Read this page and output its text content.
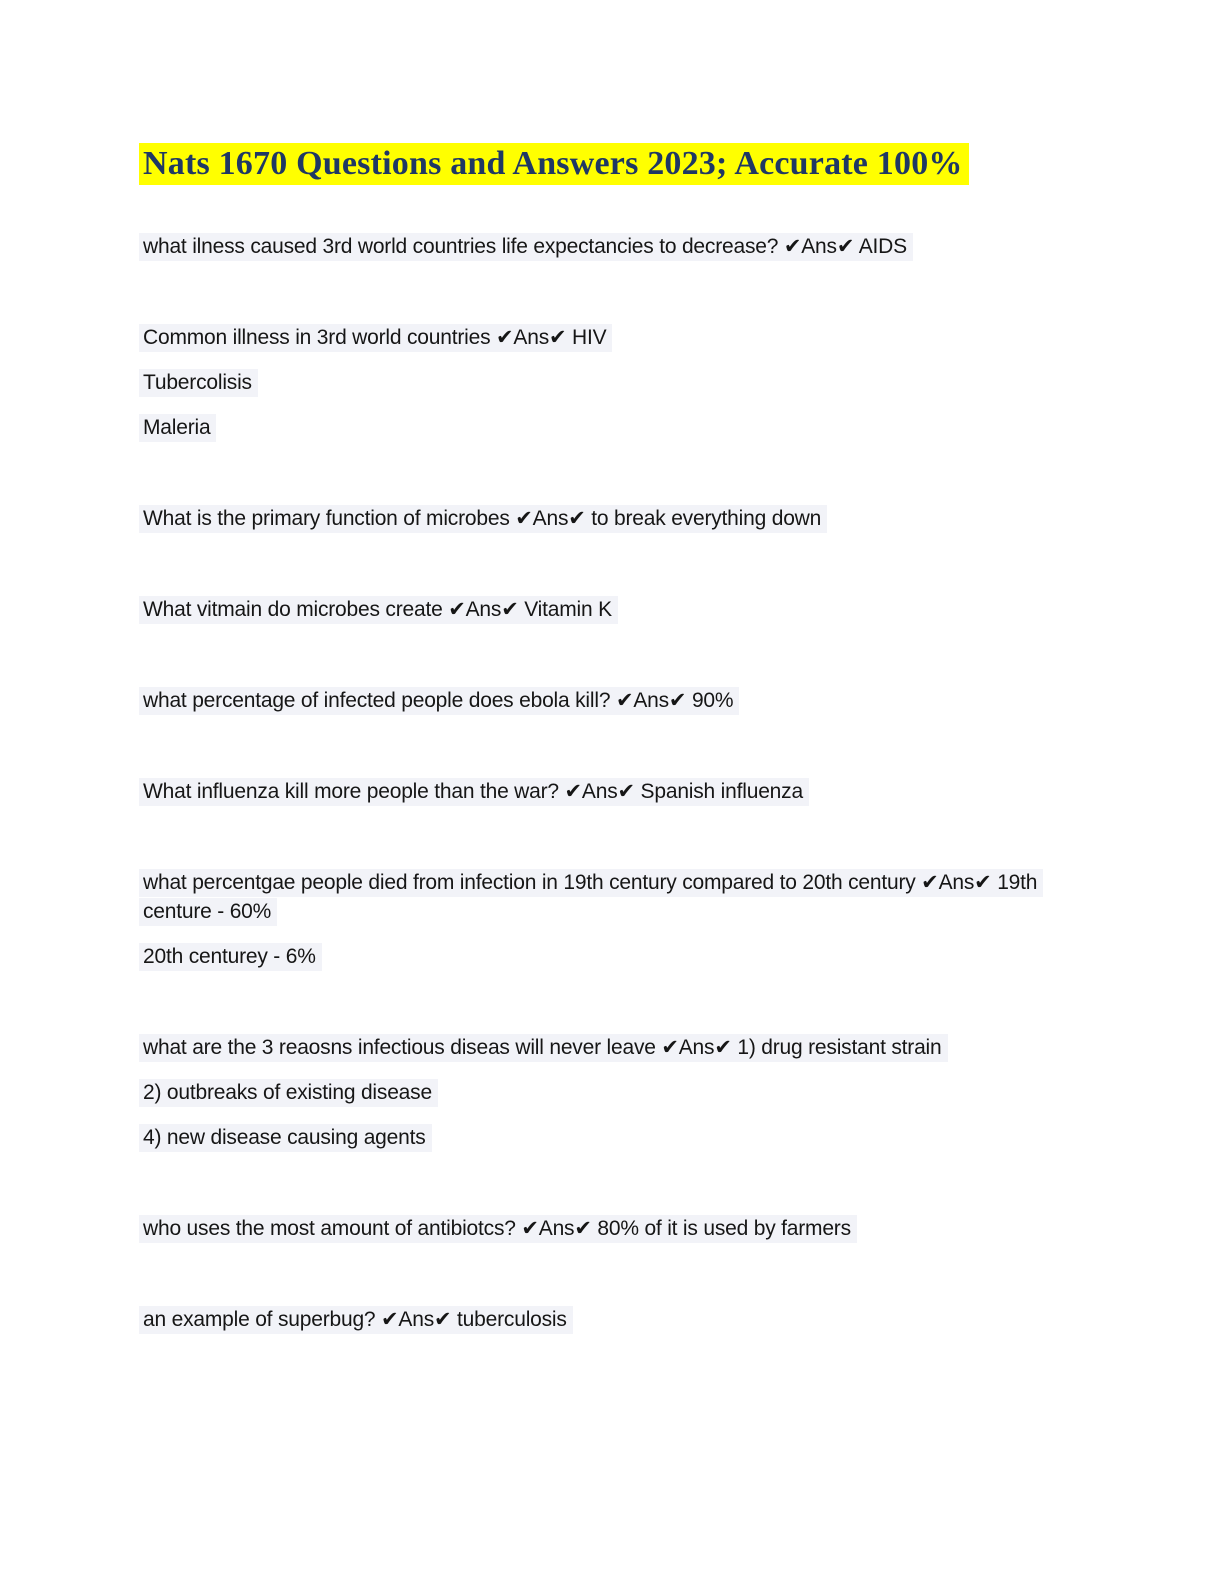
Nats 1670 Questions and Answers 2023; Accurate 100%

what ilness caused 3rd world countries life expectancies to decrease? ✔Ans✔ AIDS

Common illness in 3rd world countries ✔Ans✔ HIV

Tubercolisis

Maleria

What is the primary function of microbes ✔Ans✔ to break everything down

What vitmain do microbes create ✔Ans✔ Vitamin K

what percentage of infected people does ebola kill? ✔Ans✔ 90%

What influenza kill more people than the war? ✔Ans✔ Spanish influenza

what percentgae people died from infection in 19th century compared to 20th century ✔Ans✔ 19th
centure - 60%

20th centurey - 6%

what are the 3 reaosns infectious diseas will never leave ✔Ans✔ 1) drug resistant strain

2) outbreaks of existing disease

4) new disease causing agents

who uses the most amount of antibiotcs? ✔Ans✔ 80% of it is used by farmers

an example of superbug? ✔Ans✔ tuberculosis
